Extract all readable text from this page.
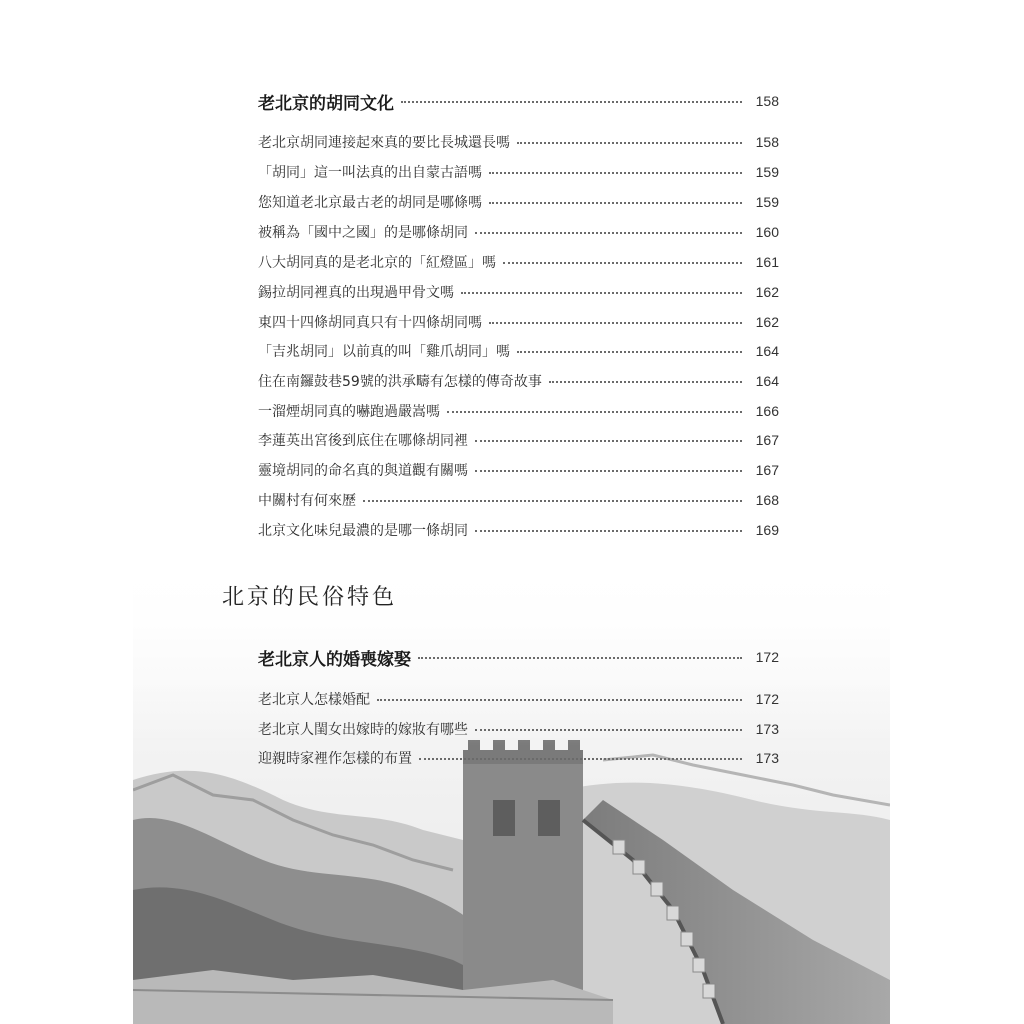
老北京的胡同文化	158
老北京胡同連接起來真的要比長城還長嗎	158
「胡同」這一叫法真的出自蒙古語嗎	159
您知道老北京最古老的胡同是哪條嗎	159
被稱為「國中之國」的是哪條胡同	160
八大胡同真的是老北京的「紅燈區」嗎	161
錫拉胡同裡真的出現過甲骨文嗎	162
東四十四條胡同真只有十四條胡同嗎	162
「吉兆胡同」以前真的叫「雞爪胡同」嗎	164
住在南鑼鼓巷59號的洪承疇有怎樣的傳奇故事	164
一溜煙胡同真的嚇跑過嚴嵩嗎	166
李蓮英出宮後到底住在哪條胡同裡	167
靈境胡同的命名真的與道觀有關嗎	167
中關村有何來歷	168
北京文化味兒最濃的是哪一條胡同	169
北京的民俗特色
老北京人的婚喪嫁娶	172
老北京人怎樣婚配	172
老北京人閨女出嫁時的嫁妝有哪些	173
迎親時家裡作怎樣的布置	173
